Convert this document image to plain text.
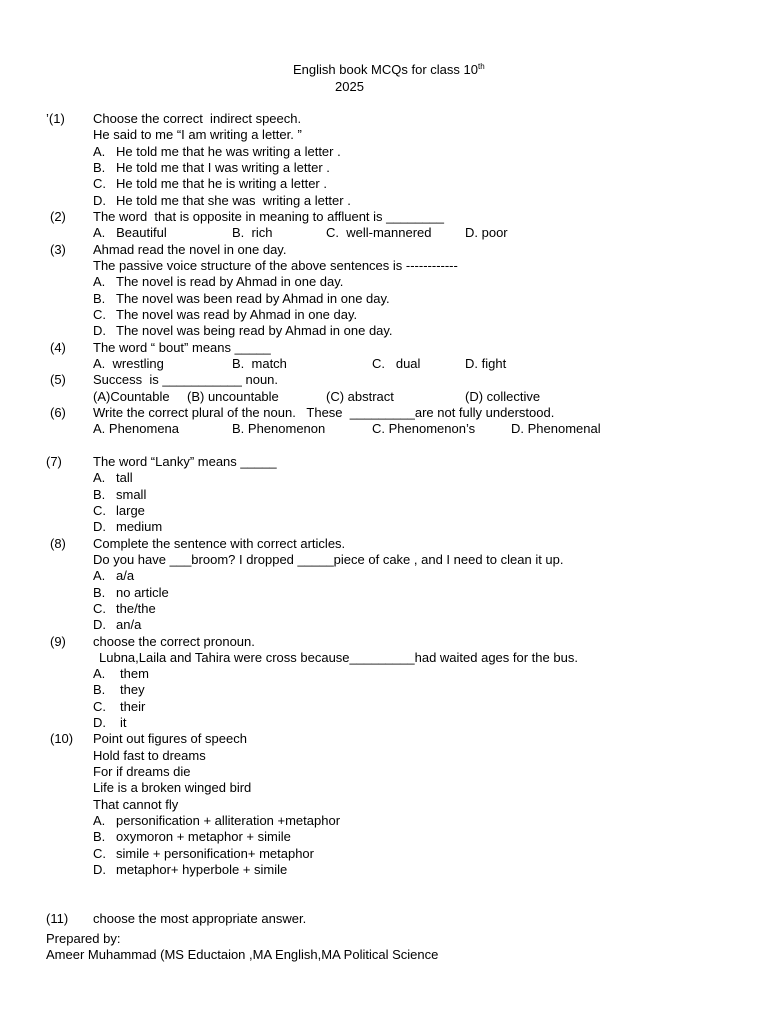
English book MCQs for class 10th
2025
’(1) Choose the correct  indirect speech.
He said to me “I am writing a letter. ”
A. He told me that he was writing a letter .
B. He told me that I was writing a letter .
C. He told me that he is writing a letter .
D. He told me that she was  writing a letter .
(2) The word  that is opposite in meaning to affluent is ________
A.   Beautiful	B.  rich	C.  well-mannered	D. poor
(3) Ahmad read the novel in one day.
The passive voice structure of the above sentences is ------------
A. The novel is read by Ahmad in one day.
B. The novel was been read by Ahmad in one day.
C. The novel was read by Ahmad in one day.
D. The novel was being read by Ahmad in one day.
(4) The word “ bout” means _____
A.  wrestling	B.  match	C.   dual	D. fight
(5) Success  is ___________ noun.
(A)Countable (B) uncountable	(C) abstract	(D) collective
(6) Write the correct plural of the noun.   These  _________are not fully understood.
A. Phenomena	B. Phenomenon	C. Phenomenon’s	D. Phenomenal
(7) The word “Lanky” means _____
A. tall
B. small
C. large
D. medium
(8) Complete the sentence with correct articles.
Do you have ___broom? I dropped _____piece of cake , and I need to clean it up.
A. a/a
B. no article
C. the/the
D. an/a
(9) choose the correct pronoun.
Lubna,Laila and Tahira were cross because_________had waited ages for the bus.
A. them
B. they
C. their
D. it
(10) Point out figures of speech
Hold fast to dreams
For if dreams die
Life is a broken winged bird
That cannot fly
A. personification + alliteration +metaphor
B. oxymoron + metaphor + simile
C. simile + personification+ metaphor
D. metaphor+ hyperbole + simile
(11) choose the most appropriate answer.
Prepared by:
Ameer Muhammad (MS Eductaion ,MA English,MA Political Science
